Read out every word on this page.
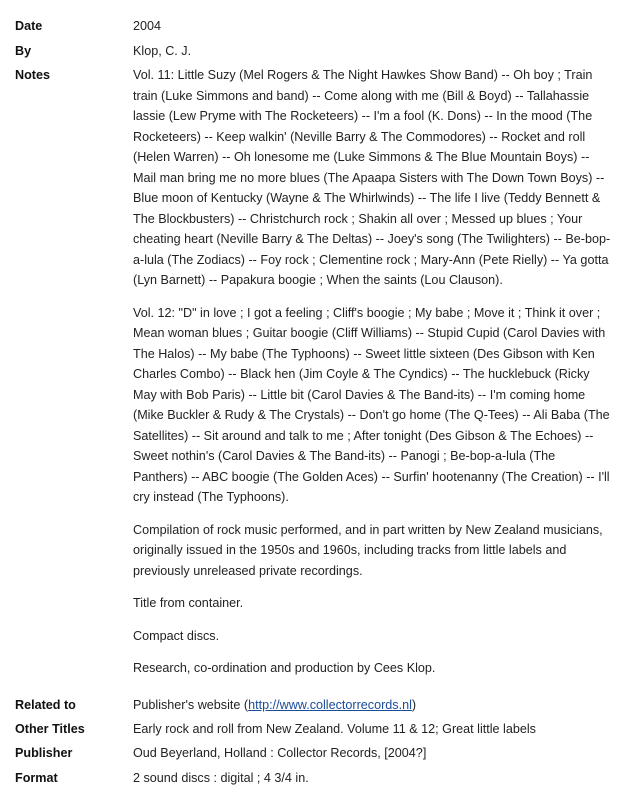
Date	2004
By	Klop, C. J.
Notes	Vol. 11: Little Suzy (Mel Rogers & The Night Hawkes Show Band) -- Oh boy ; Train train (Luke Simmons and band) -- Come along with me (Bill & Boyd) -- Tallahassie lassie (Lew Pryme with The Rocketeers) -- I'm a fool (K. Dons) -- In the mood (The Rocketeers) -- Keep walkin' (Neville Barry & The Commodores) -- Rocket and roll (Helen Warren) -- Oh lonesome me (Luke Simmons & The Blue Mountain Boys) -- Mail man bring me no more blues (The Apaapa Sisters with The Down Town Boys) -- Blue moon of Kentucky (Wayne & The Whirlwinds) -- The life I live (Teddy Bennett & The Blockbusters) -- Christchurch rock ; Shakin all over ; Messed up blues ; Your cheating heart (Neville Barry & The Deltas) -- Joey's song (The Twilighters) -- Be-bop-a-lula (The Zodiacs) -- Foy rock ; Clementine rock ; Mary-Ann (Pete Rielly) -- Ya gotta (Lyn Barnett) -- Papakura boogie ; When the saints (Lou Clauson).

Vol. 12: "D" in love ; I got a feeling ; Cliff's boogie ; My babe ; Move it ; Think it over ; Mean woman blues ; Guitar boogie (Cliff Williams) -- Stupid Cupid (Carol Davies with The Halos) -- My babe (The Typhoons) -- Sweet little sixteen (Des Gibson with Ken Charles Combo) -- Black hen (Jim Coyle & The Cyndics) -- The hucklebuck (Ricky May with Bob Paris) -- Little bit (Carol Davies & The Band-its) -- I'm coming home (Mike Buckler & Rudy & The Crystals) -- Don't go home (The Q-Tees) -- Ali Baba (The Satellites) -- Sit around and talk to me ; After tonight (Des Gibson & The Echoes) -- Sweet nothin's (Carol Davies & The Band-its) -- Panogi ; Be-bop-a-lula (The Panthers) -- ABC boogie (The Golden Aces) -- Surfin' hootenanny (The Creation) -- I'll cry instead (The Typhoons).

Compilation of rock music performed, and in part written by New Zealand musicians, originally issued in the 1950s and 1960s, including tracks from little labels and previously unreleased private recordings.

Title from container.

Compact discs.

Research, co-ordination and production by Cees Klop.

Related to	Publisher's website (http://www.collectorrecords.nl)
Other Titles	Early rock and roll from New Zealand. Volume 11 & 12; Great little labels
Publisher	Oud Beyerland, Holland : Collector Records, [2004?]
Format	2 sound discs : digital ; 4 3/4 in.
